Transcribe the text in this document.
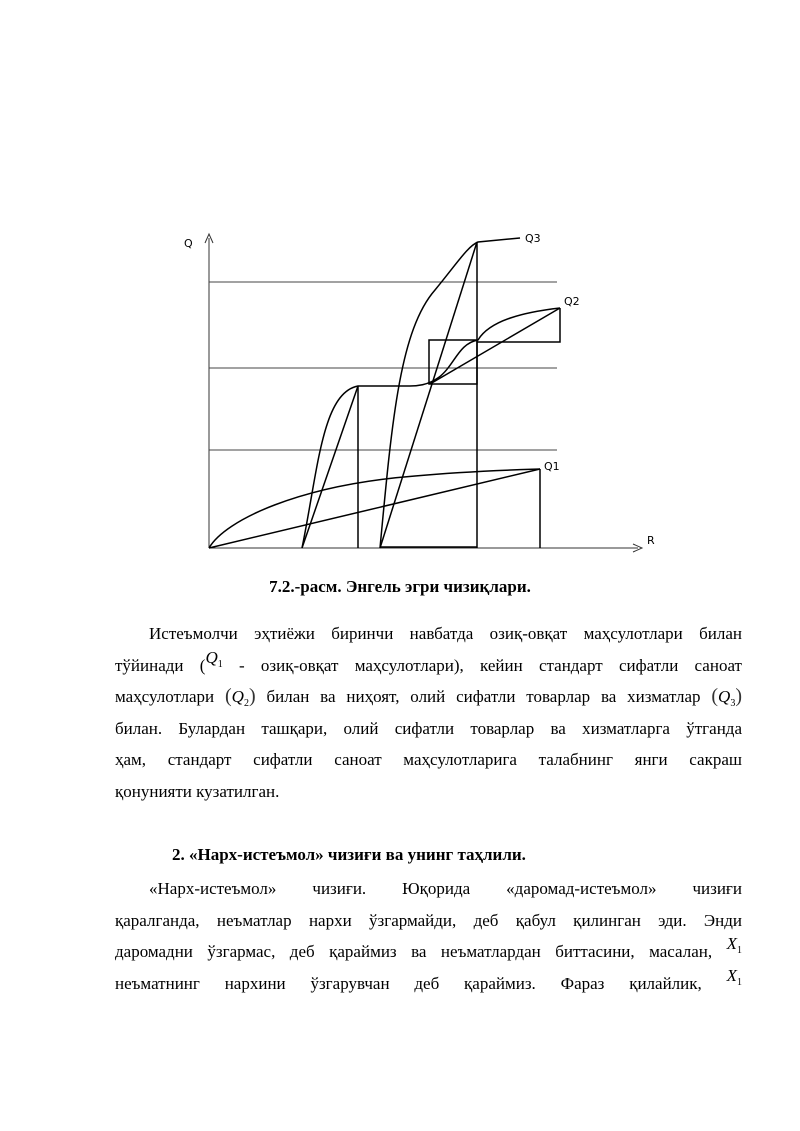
Q
R
Q3
Q2
Q1
7.2.-расм. Энгель эгри чизиқлари.
Истеъмолчи эҳтиёжи биринчи навбатда озиқ-овқат маҳсулотлари билан
тўйинади ($Q_1$ - озиқ-овқат маҳсулотлари), кейин стандарт сифатли саноат
маҳсулотлари $(Q_2)$ билан ва ниҳоят, олий сифатли товарлар ва хизматлар $(Q_3)$
билан. Булардан ташқари, олий сифатли товарлар ва хизматларга ўтганда
ҳам, стандарт сифатли саноат маҳсулотларига талабнинг янги сакраш
қонунияти кузатилган.
2. «Нарх-истеъмол» чизиғи ва унинг таҳлили.
«Нарх-истеъмол» чизиғи. Юқорида «даромад-истеъмол» чизиғи
қаралганда, неъматлар нархи ўзгармайди, деб қабул қилинган эди. Энди
даромадни ўзгармас, деб қараймиз ва неъматлардан биттасини, масалан, $X_1$
неъматнинг нархини ўзгарувчан деб қараймиз. Фараз қилайлик, $X_1$
